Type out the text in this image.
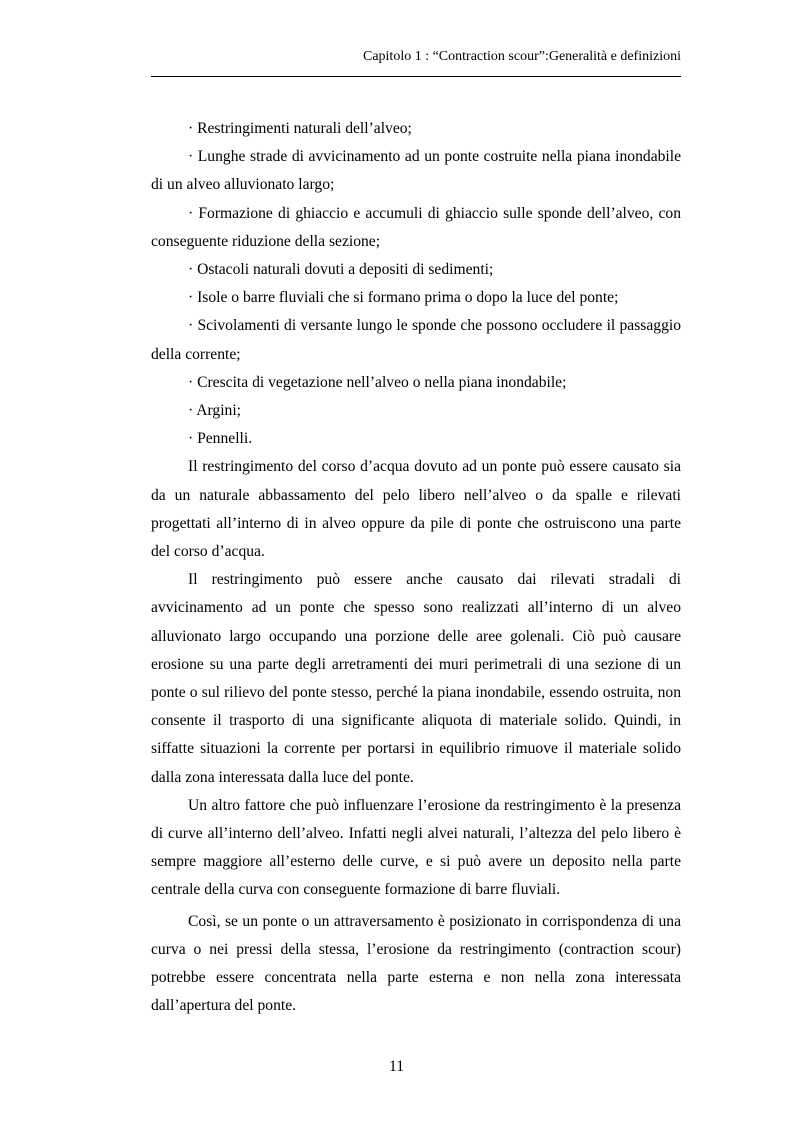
Capitolo 1 : “Contraction scour”:Generalità e definizioni

· Restringimenti naturali dell’alveo;

· Lunghe strade di avvicinamento ad un ponte costruite nella piana inondabile di un alveo alluvionato largo;

· Formazione di ghiaccio e accumuli di ghiaccio sulle sponde dell’alveo, con conseguente riduzione della sezione;

· Ostacoli naturali dovuti a depositi di sedimenti;

· Isole o barre fluviali che si formano prima o dopo la luce del ponte;

· Scivolamenti di versante lungo le sponde che possono occludere il passaggio della corrente;

· Crescita di vegetazione nell’alveo o nella piana inondabile;

· Argini;

· Pennelli.

Il restringimento del corso d’acqua dovuto ad un ponte può essere causato sia da un naturale abbassamento del pelo libero nell’alveo o da spalle e rilevati progettati all’interno di in alveo oppure da pile di ponte che ostruiscono una parte del corso d’acqua.

Il restringimento può essere anche causato dai rilevati stradali di avvicinamento ad un ponte che spesso sono realizzati all’interno di un alveo alluvionato largo occupando una porzione delle aree golenali. Ciò può causare erosione su una parte degli arretramenti dei muri perimetrali di una sezione di un ponte o sul rilievo del ponte stesso, perché la piana inondabile, essendo ostruita, non consente il trasporto di una significante aliquota di materiale solido. Quindi, in siffatte situazioni la corrente per portarsi in equilibrio rimuove il materiale solido dalla zona interessata dalla luce del ponte.

Un altro fattore che può influenzare l’erosione da restringimento è la presenza di curve all’interno dell’alveo. Infatti negli alvei naturali, l’altezza del pelo libero è sempre maggiore all’esterno delle curve, e si può avere un deposito nella parte centrale della curva con conseguente formazione di barre fluviali.

Così, se un ponte o un attraversamento è posizionato in corrispondenza di una curva o nei pressi della stessa, l’erosione da restringimento (contraction scour) potrebbe essere concentrata nella parte esterna e non nella zona interessata dall’apertura del ponte.

11
